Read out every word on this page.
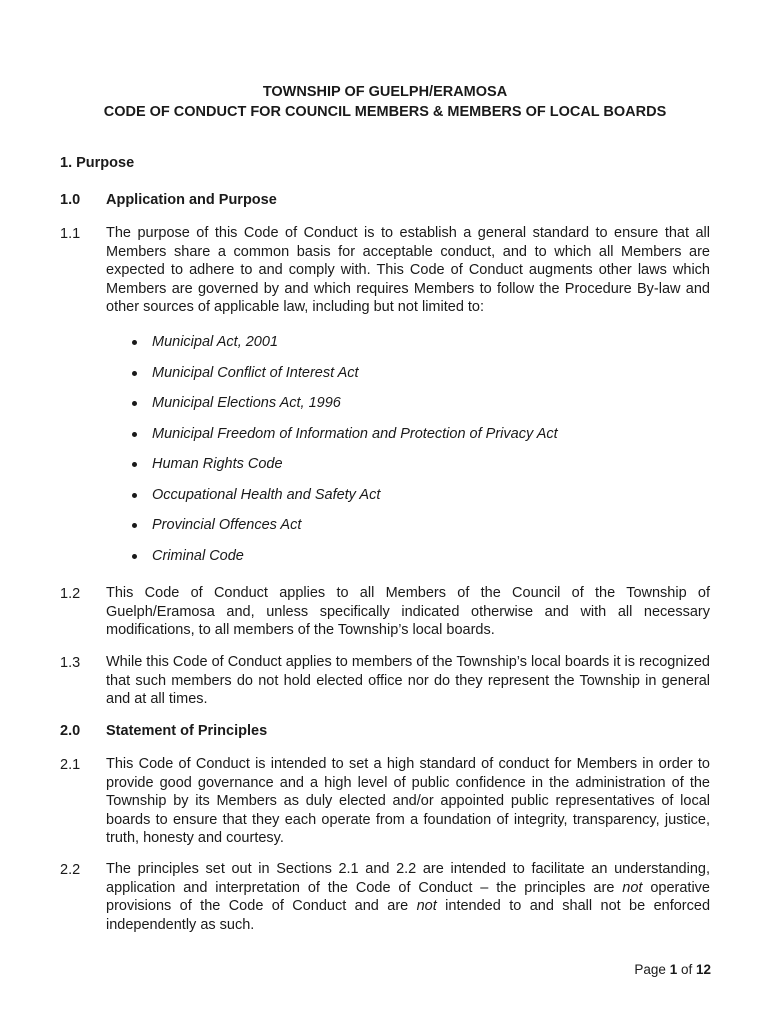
TOWNSHIP OF GUELPH/ERAMOSA
CODE OF CONDUCT FOR COUNCIL MEMBERS & MEMBERS OF LOCAL BOARDS
1. Purpose
1.0 Application and Purpose
1.1 The purpose of this Code of Conduct is to establish a general standard to ensure that all Members share a common basis for acceptable conduct, and to which all Members are expected to adhere to and comply with. This Code of Conduct augments other laws which Members are governed by and which requires Members to follow the Procedure By-law and other sources of applicable law, including but not limited to:
Municipal Act, 2001
Municipal Conflict of Interest Act
Municipal Elections Act, 1996
Municipal Freedom of Information and Protection of Privacy Act
Human Rights Code
Occupational Health and Safety Act
Provincial Offences Act
Criminal Code
1.2 This Code of Conduct applies to all Members of the Council of the Township of Guelph/Eramosa and, unless specifically indicated otherwise and with all necessary modifications, to all members of the Township’s local boards.
1.3 While this Code of Conduct applies to members of the Township’s local boards it is recognized that such members do not hold elected office nor do they represent the Township in general and at all times.
2.0 Statement of Principles
2.1 This Code of Conduct is intended to set a high standard of conduct for Members in order to provide good governance and a high level of public confidence in the administration of the Township by its Members as duly elected and/or appointed public representatives of local boards to ensure that they each operate from a foundation of integrity, transparency, justice, truth, honesty and courtesy.
2.2 The principles set out in Sections 2.1 and 2.2 are intended to facilitate an understanding, application and interpretation of the Code of Conduct – the principles are not operative provisions of the Code of Conduct and are not intended to and shall not be enforced independently as such.
Page 1 of 12
